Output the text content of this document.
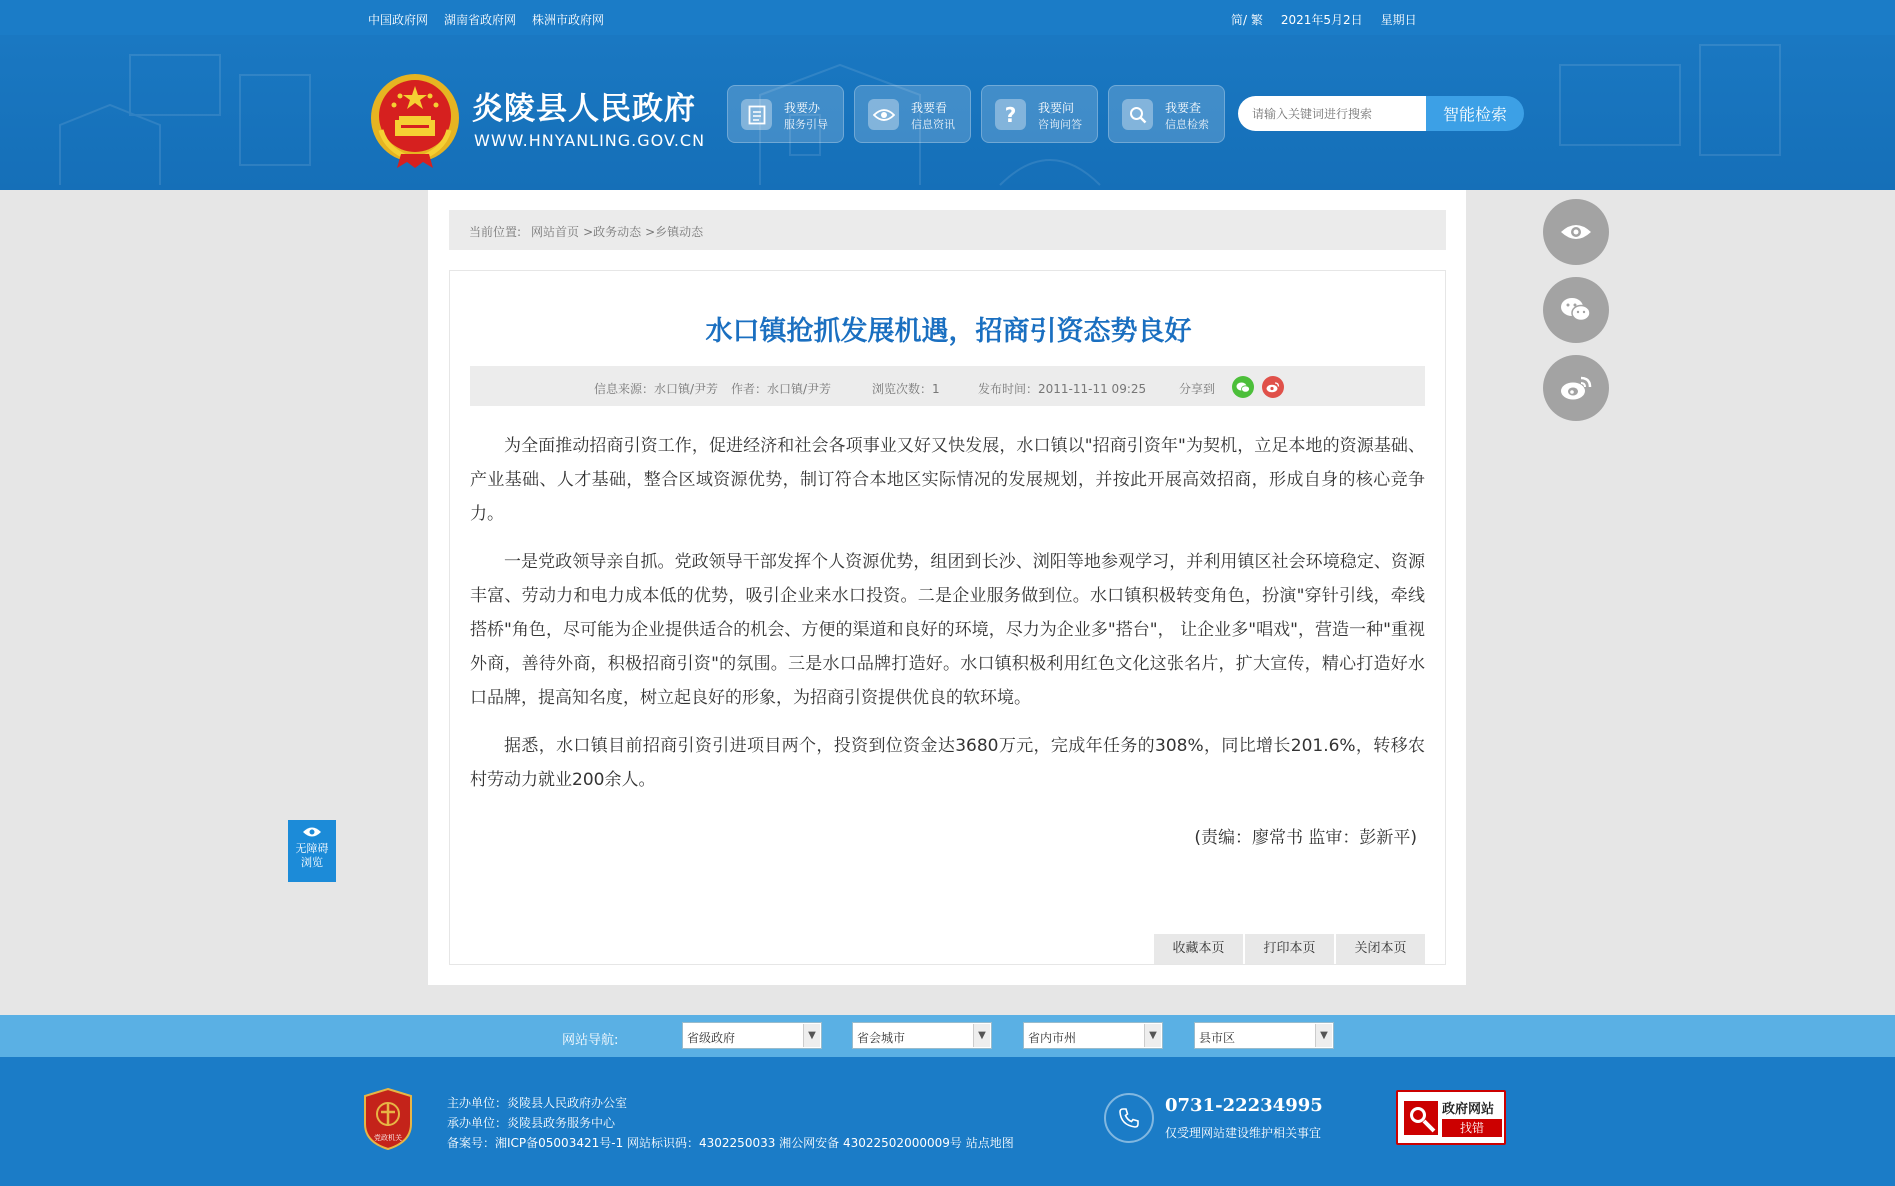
中国政府网 湖南省政府网 株洲市政府网	简/ 繁 2021年5月2日 星期日
炎陵县人民政府
WWW.HNYANLING.GOV.CN
我要办
服务引导
我要看
信息资讯 ? 我要问
咨询问答
我要查
信息检索
请输入关键词进行搜索
智能检索
当前位置: 网站首页 >政务动态 >乡镇动态
水口镇抢抓发展机遇，招商引资态势良好
信息来源：水口镇/尹芳 作者：水口镇/尹芳	浏览次数：1	发布时间：2011-11-11 09:25	分享到

为全面推动招商引资工作，促进经济和社会各项事业又好又快发展，水口镇以"招商引资年"为契机，立足本地的资源基础、产业基础、人才基础，整合区域资源优势，制订符合本地区实际情况的发展规划，并按此开展高效招商，形成自身的核心竞争力。

一是党政领导亲自抓。党政领导干部发挥个人资源优势，组团到长沙、浏阳等地参观学习，并利用镇区社会环境稳定、资源丰富、劳动力和电力成本低的优势，吸引企业来水口投资。二是企业服务做到位。水口镇积极转变角色，扮演"穿针引线，牵线搭桥"角色，尽可能为企业提供适合的机会、方便的渠道和良好的环境，尽力为企业多"搭台"， 让企业多"唱戏"，营造一种"重视外商，善待外商，积极招商引资"的氛围。三是水口品牌打造好。水口镇积极利用红色文化这张名片，扩大宣传，精心打造好水口品牌，提高知名度，树立起良好的形象，为招商引资提供优良的软环境。

据悉，水口镇目前招商引资引进项目两个，投资到位资金达3680万元，完成年任务的308%，同比增长201.6%，转移农村劳动力就业200余人。

(责编：廖常书 监审：彭新平)
收藏本页	打印本页	关闭本页
无障碍
浏览
网站导航:	省级政府	▼	省会城市	▼	省内市州	▼	县市区	▼
党政机关
主办单位：炎陵县人民政府办公室
承办单位：炎陵县政务服务中心
备案号：湘ICP备05003421号-1 网站标识码：4302250033 湘公网安备 43022502000009号 站点地图
0731-22234995
仅受理网站建设维护相关事宜
政府网站
找错
